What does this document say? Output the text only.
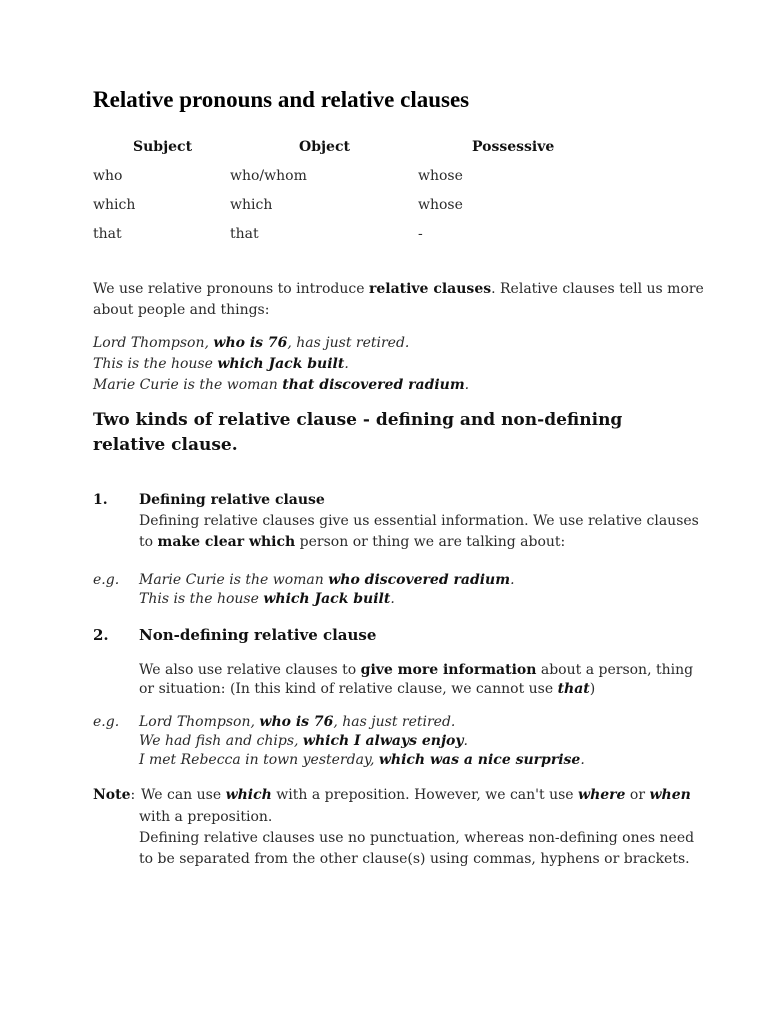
Relative pronouns and relative clauses
Subject	Object	Possessive
who	who/whom	whose
which	which	whose
that	that	-
We use relative pronouns to introduce relative clauses. Relative clauses tell us more
about people and things:
Lord Thompson, who is 76, has just retired.
This is the house which Jack built.
Marie Curie is the woman that discovered radium.
Two kinds of relative clause - defining and non-defining relative clause.
1. Defining relative clause
Defining relative clauses give us essential information. We use relative clauses
to make clear which person or thing we are talking about:
e.g. Marie Curie is the woman who discovered radium.
This is the house which Jack built.
2. Non-defining relative clause
We also use relative clauses to give more information about a person, thing
or situation: (In this kind of relative clause, we cannot use that)
e.g. Lord Thompson, who is 76, has just retired.
We had fish and chips, which I always enjoy.
I met Rebecca in town yesterday, which was a nice surprise.
Note: We can use which with a preposition. However, we can't use where or when
with a preposition.
Defining relative clauses use no punctuation, whereas non-defining ones need
to be separated from the other clause(s) using commas, hyphens or brackets.
